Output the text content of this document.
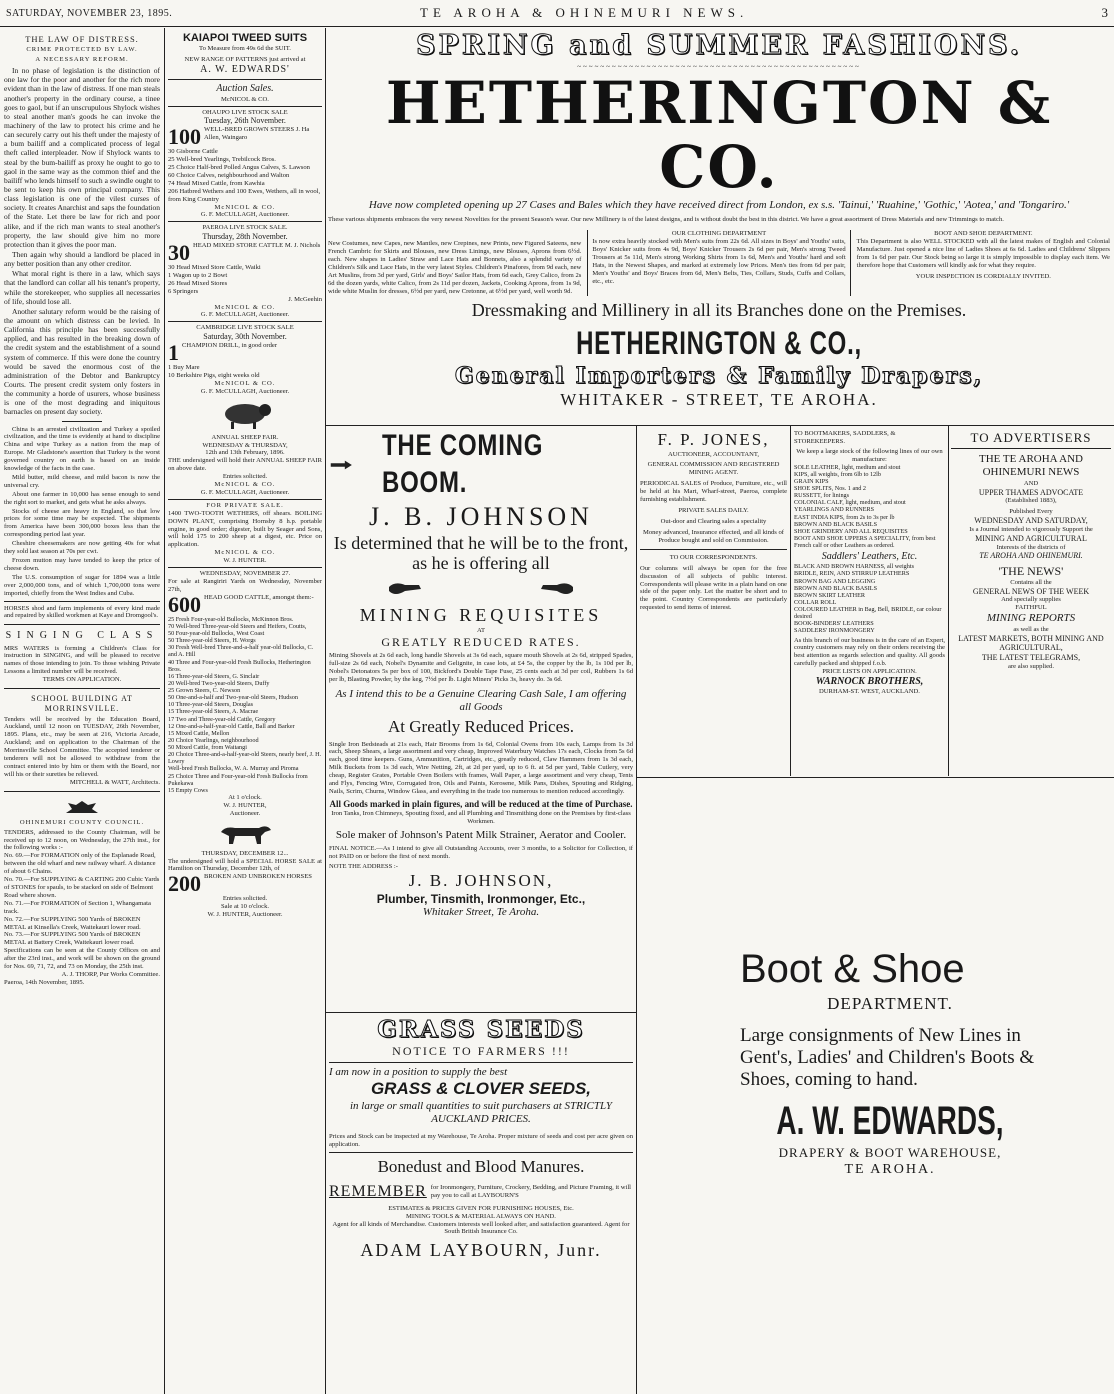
SATURDAY, NOVEMBER 23, 1895.	TE AROHA & OHINEMURI NEWS.	3
THE LAW OF DISTRESS.
CRIME PROTECTED BY LAW.
A NECESSARY REFORM.

In no phase of legislation is the distinction of one law for the poor and another for the rich more evident than in the law of distress. If one man steals another's property in the ordinary course, a tinee goes to gaol, but if an unscrupulous Shylock wishes to steal another man's goods he can invoke the machinery of the law to protect his crime and he can securely carry out his theft under the majesty of a bum bailiff and a complicated process of legal theft called interpleader. Now if Shylock wants to steal by the bum-bailiff as proxy he ought to go to gaol in the same way as the common thief and the bailiff who lends himself to such a swindle ought to be sent to keep his own principal company. This class legislation is one of the vilest curses of society. It creates Anarchist and saps the foundation of the State. Let there be law for rich and poor alike, and if the rich man wants to steal another's property, the law should give him no more protection than it gives the poor man.

Then again why should a landlord be placed in any better position than any other creditor.

What moral right is there in a law, which says that the landlord can collar all his tenant's property, while the storekeeper, who supplies all necessaries of life, should lose all.

Another salutary reform would be the raising of the amount on which distress can be levied. In California this principle has been successfully applied, and has resulted in the breaking down of the credit system and the establishment of a sound system of commerce. If this were done the country would be saved the enormous cost of the administration of the Debtor and Bankruptcy Courts. The present credit system only fosters in the community a horde of usurers, whose business is one of the most degrading and iniquitous barnacles on present day society.

China is an arrested civilization and Turkey a spoiled civilization, and the time is evidently at hand to discipline China and wipe Turkey as a nation from the map of Europe. Mr Gladstone's assertion that Turkey is the worst governed country on earth is based on an inside knowledge of the facts in the case.

Mild butter, mild cheese, and mild bacon is now the universal cry.

About one farmer in 10,000 has sense enough to send the right sort to market, and gets what he asks always.

Stocks of cheese are heavy in England, so that low prices for some time may be expected. The shipments from America have been 300,000 boxes less than the corresponding period last year.

Cheshire cheesemakers are now getting 40s for what they sold last season at 70s per cwt.

Frozen mutton may have tended to keep the price of cheese down.

The U.S. consumption of sugar for 1894 was a little over 2,000,000 tons, and of which 1,700,000 tons were imported, chiefly from the West Indies and Cuba.

HORSES shod and farm implements of every kind made and repaired by skilled workmen at Kaye and Dromgool's.
SINGING CLASS
MRS WATERS is forming a Children's Class for instruction in SINGING, and will be pleased to receive names of those intending to join. To those wishing Private Lessons a limited number will be received.
TERMS ON APPLICATION.
SCHOOL BUILDING AT MORRINSVILLE.
Tenders will be received by the Education Board, Auckland, until 12 noon on TUESDAY, 26th November, 1895. Plans, etc., may be seen at 216, Victoria Arcade, Auckland; and on application to the Chairman of the Morrinsville School Committee. The accepted tenderer or tenderers will not be allowed to withdraw from the contract entered into by him or them with the Board, nor will his or their sureties be relieved.
MITCHELL & WATT, Architects.
OHINEMURI COUNTY COUNCIL.
TENDERS, addressed to the County Chairman, will be received up to 12 noon, on Wednesday, the 27th inst., for the following works :-
No. 69.—For FORMATION only of the Esplanade Road, between the old wharf and new railway wharf. A distance of about 6 Chains.
No. 70.—For SUPPLYING & CARTING 200 Cubic Yards of STONES for spauls, to be stacked on side of Belmont Road where shown.
No. 71.—For FORMATION of Section 1, Whangamata track.
No. 72.—For SUPPLYING 500 Yards of BROKEN METAL at Kinsella's Creek, Waitekauri lower road.
No. 73.—For SUPPLYING 500 Yards of BROKEN METAL at Battery Creek, Waitekauri lower road.
Specifications can be seen at the County Offices on and after the 23rd inst., and work will be shown on the ground for Nos. 69, 71, 72, and 73 on Monday, the 25th inst.
A. J. THORP, Pur Works Committee.
Paeroa, 14th November, 1895.
KAIAPOI TWEED SUITS
To Measure from 49s 6d the SUIT.
NEW RANGE OF PATTERNS just arrived at
A. W. EDWARDS'
Auction Sales.
McNICOL & CO.
OHAUPO LIVE STOCK SALE
Tuesday, 26th November.
100 WELL-BRED GROWN STEERS J. Ha Allen, Waingaro
30 Gisborne Cattle
25 Well-bred Yearlings, Trebilcock Bros.
25 Choice Half-bred Polled Angus Calves, S. Lawson
60 Choice Calves, neighbourhood and Walton
74 Head Mixed Cattle, from Kawhia
206 Hatbred Wethers and 100 Ewes, Wethers, all in wool, from King Country
McNICOL & CO.
G. F. McCULLAGH, Auctioneer.
PAEROA LIVE STOCK SALE.
Thursday, 28th November.
30 HEAD MIXED STORE CATTLE M. J. Nichols
30 Head Mixed Store Cattle, Waiki
1 Wagon up to 2 Bowt
26 Head Mixed Stores
6 Springers
J. McGeehin
McNICOL & CO.
G. F. McCULLAGH, Auctioneer.
CAMBRIDGE LIVE STOCK SALE
Saturday, 30th November.
1 CHAMPION DRILL, in good order
1 Buy Mare
10 Berkshire Pigs, eight weeks old
McNICOL & CO.
G. F. McCULLAGH, Auctioneer.
ANNUAL SHEEP FAIR.
WEDNESDAY & THURSDAY,
12th and 13th February, 1896.
THE undersigned will hold their ANNUAL SHEEP FAIR on above date.
Entries solicited.
McNICOL & CO.
G. F. McCULLAGH, Auctioneer.
FOR PRIVATE SALE.
1400 TWO-TOOTH WETHERS, off shears. BOILING DOWN PLANT, comprising Hornsby 8 h.p. portable engine, in good order; digester, built by Seager and Sons, will hold 175 to 200 sheep at a digest, etc. Price on application.
McNICOL & CO.
W. J. HUNTER.
WEDNESDAY, NOVEMBER 27.
For sale at Rangiriri Yards on Wednesday, November 27th,
600 HEAD GOOD CATTLE, amongst them:-
25 Fresh Four-year-old Bullocks, McKinnon Bros.
70 Well-bred Three-year-old Steers and Heifers, Coutts,
50 Four-year-old Bullocks, West Coast
50 Three-year-old Steers, H. Worgs
30 Fresh Well-bred Three-and-a-half year-old Bullocks, C. and A. Hill
40 Three and Four-year-old Fresh Bullocks, Hetherington Bros.
16 Three-year-old Steers, G. Sinclair
20 Well-bred Two-year-old Steers, Duffy
25 Grown Steers, C. Newson
50 One-and-a-half and Two-year-old Steers, Hudson
10 Three-year-old Steers, Douglas
15 Three-year-old Steers, A. Macrae
17 Two and Three-year-old Cattle, Gregory
12 One-and-a-half-year-old Cattle, Ball and Barker
15 Mixed Cattle, Mellon
20 Choice Yearlings, neighbourhood
50 Mixed Cattle, from Waitangi
20 Choice Three-and-a-half-year-old Steers, nearly beef, J. H. Lowry
Well-bred Fresh Bullocks, W. A. Murray and Piroma
25 Choice Three and Four-year-old Fresh Bullocks from Pukekawa
15 Empty Cows
At 1 o'clock.
W. J. HUNTER,
Auctioneer.
THURSDAY, DECEMBER 12...
The undersigned will hold a SPECIAL HORSE SALE at Hamilton on Thursday, December 12th, of
200 BROKEN AND UNBROKEN HORSES
Entries solicited.
Sale at 10 o'clock.
W. J. HUNTER, Auctioneer.
SPRING and SUMMER FASHIONS.
~~~~~~~~~~~~~~~~~~~~~~~~~~~~~~~~~~~~~~~~~~~~~~~~~
HETHERINGTON & CO.
Have now completed opening up 27 Cases and Bales which they have received direct from London, ex s.s. 'Tainui,' 'Ruahine,' 'Gothic,' 'Aotea,' and 'Tongariro.'
These various shipments embraces the very newest Novelties for the present Season's wear. Our new Millinery is of the latest designs, and is without doubt the best in this district. We have a great assortment of Dress Materials and new Trimmings to match.
New Costumes, new Capes, new Mantles, new Crepines, new Prints, new Figured Sateens, new French Cambric for Skirts and Blouses, new Dress Linings, new Blouses, Aprons from 6½d. each. New shapes in Ladies' Straw and Lace Hats and Bonnets, also a splendid variety of Children's Silk and Lace Hats, in the very latest Styles. Children's Pinafores, from 9d each, new Art Muslins, from 3d per yard, Girls' and Boys' Sailor Hats, from 6d each, Grey Calico, from 2s 6d the dozen yards, white Calico, from 2s 11d per dozen, Jackets, Cooking Aprons, from 1s 9d, wide white Muslin for dresses, 6½d per yard, new Cretonne, at 6½d per yard, well worth 9d.
OUR CLOTHING DEPARTMENT
Is now extra heavily stocked with Men's suits from 22s 6d. All sizes in Boys' and Youths' suits, Boys' Knicker suits from 4s 9d, Boys' Knicker Trousers 2s 6d per pair, Men's strong Tweed Trousers at 5s 11d, Men's strong Working Shirts from 1s 6d, Men's and Youths' hard and soft Hats, in the Newest Shapes, and marked at extremely low Prices. Men's ties from 6d per pair, Men's Youths' and Boys' Braces from 6d, Men's Belts, Ties, Collars, Studs, Cuffs and Collars, etc., etc.
BOOT AND SHOE DEPARTMENT.
This Department is also WELL STOCKED with all the latest makes of English and Colonial Manufacture. Just opened a nice line of Ladies Shoes at 6s 6d. Ladies and Childrens' Slippers from 1s 6d per pair. Our Stock being so large it is simply impossible to display each item. We therefore hope that Customers will kindly ask for what they require.
YOUR INSPECTION IS CORDIALLY INVITED.
Dressmaking and Millinery in all its Branches done on the Premises.
HETHERINGTON & CO.,
General Importers & Family Drapers,
WHITAKER - STREET, TE AROHA.
THE COMING BOOM.
J. B. JOHNSON
Is determined that he will be to the front, as he is offering all
MINING REQUISITES
AT
GREATLY REDUCED RATES.
Mining Shovels at 2s 6d each, long handle Shovels at 3s 6d each, square mouth Shovels at 2s 6d, stripped Spades, full-size 2s 6d each, Nobel's Dynamite and Gelignite, in case lots, at £4 5s, the copper by the lb, 1s 10d per lb, Nobel's Detonators 5s per box of 100, Bickford's Double Tape Fuse, 25 cents each at 3d per coil, Rubbers 1s 6d per lb, Blasting Powder, by the keg, 7½d per lb. Light Miners' Picks 3s, heavy do. 3s 6d.
As I intend this to be a Genuine Clearing Cash Sale, I am offering all Goods
At Greatly Reduced Prices.
Single Iron Bedsteads at 21s each, Hair Brooms from 1s 6d, Colonial Ovens from 10s each, Lamps from 1s 3d each, Sheep Shears, a large assortment and very cheap, Improved Waterbury Watches 17s each, Clocks from 5s 6d each, good time keepers. Guns, Ammunition, Cartridges, etc., greatly reduced, Claw Hammers from 1s 3d each, Milk Buckets from 1s 3d each, Wire Netting, 2ft, at 2d per yard, up to 6 ft. at 5d per yard, Table Cutlery, very cheap, Register Grates, Portable Oven Boilers with frames, Wall Paper, a large assortment and very cheap, Tents and Flys, Fencing Wire, Corrugated Iron, Oils and Paints, Kerosene, Milk Pans, Dishes, Spouting and Ridging, Nails, Scrim, Churns, Window Glass, and everything in the trade too numerous to mention reduced accordingly.
All Goods marked in plain figures, and will be reduced at the time of Purchase.
Iron Tanks, Iron Chimneys, Spouting fixed, and all Plumbing and Tinsmithing done on the Premises by first-class Workmen.
Sole maker of Johnson's Patent Milk Strainer, Aerator and Cooler.
FINAL NOTICE.—As I intend to give all Outstanding Accounts, over 3 months, to a Solicitor for Collection, if not PAID on or before the first of next month.
NOTE THE ADDRESS :-
J. B. JOHNSON,
Plumber, Tinsmith, Ironmonger, Etc.,
Whitaker Street, Te Aroha.
GRASS SEEDS
NOTICE TO FARMERS !!!
I am now in a position to supply the best
GRASS & CLOVER SEEDS,
in large or small quantities to suit purchasers at STRICTLY AUCKLAND PRICES.
Prices and Stock can be inspected at my Warehouse, Te Aroha. Proper mixture of seeds and cost per acre given on application.
Bonedust and Blood Manures.
REMEMBER for Ironmongery, Furniture, Crockery, Bedding, and Picture Framing, it will pay you to call at LAYBOURN'S
ESTIMATES & PRICES GIVEN FOR FURNISHING HOUSES, Etc.
MINING TOOLS & MATERIAL ALWAYS ON HAND.
Agent for all kinds of Merchandise. Customers interests well looked after, and satisfaction guaranteed. Agent for South British Insurance Co.
ADAM LAYBOURN, Junr.
F. P. JONES,
AUCTIONEER, ACCOUNTANT,
GENERAL COMMISSION AND REGISTERED MINING AGENT.
PERIODICAL SALES of Produce, Furniture, etc., will be held at his Mart, Wharf-street, Paeroa, complete furnishing establishment.
PRIVATE SALES DAILY.
Out-door and Clearing sales a speciality
Money advanced, Insurance effected, and all kinds of Produce bought and sold on Commission.
TO OUR CORRESPONDENTS.
Our columns will always be open for the free discussion of all subjects of public interest. Correspondents will please write in a plain hand on one side of the paper only. Let the matter be short and to the point. Country Correspondents are particularly requested to send items of interest.
TO BOOTMAKERS, SADDLERS, & STOREKEEPERS.
We keep a large stock of the following lines of our own manufacture:
SOLE LEATHER, light, medium and stout
KIPS, all weights, from 6lb to 12lb
GRAIN KIPS
SHOE SPLITS, Nos. 1 and 2
RUSSETT, for linings
COLONIAL CALF, light, medium, and stout
YEARLINGS AND RUNNERS
EAST INDIA KIPS, from 2s to 3s per lb
BROWN AND BLACK BASILS
SHOE GRINDERY AND ALL REQUISITES
BOOT AND SHOE UPPERS A SPECIALITY, from best French calf or other Leathers as ordered.
Saddlers' Leathers, Etc.
BLACK AND BROWN HARNESS, all weights
BRIDLE, REIN, AND STIRRUP LEATHERS
BROWN BAG AND LEGGING
BROWN AND BLACK BASILS
BROWN SKIRT LEATHER
COLLAR ROLL
COLOURED LEATHER in Bag, Bell, BRIDLE, car colour desired
BOOK-BINDERS' LEATHERS
SADDLERS' IRONMONGERY
As this branch of our business is in the care of an Expert, country customers may rely on their orders receiving the best attention as regards selection and quality. All goods carefully packed and shipped f.o.b.
PRICE LISTS ON APPLICATION.
WARNOCK BROTHERS,
DURHAM-ST. WEST, AUCKLAND.
TO ADVERTISERS
THE TE AROHA AND OHINEMURI NEWS
AND
UPPER THAMES ADVOCATE
(Established 1883),
Published Every
WEDNESDAY AND SATURDAY,
Is a Journal intended to vigorously Support the
MINING AND AGRICULTURAL
Interests of the districts of
TE AROHA AND OHINEMURI.
'THE NEWS'
Contains all the
GENERAL NEWS OF THE WEEK
And specially supplies
FAITHFUL
MINING REPORTS
as well as the
LATEST MARKETS, BOTH MINING AND AGRICULTURAL,
THE LATEST TELEGRAMS,
are also supplied.
Boot & Shoe
DEPARTMENT.
Large consignments of New Lines in Gent's, Ladies' and Children's Boots & Shoes, coming to hand.
A. W. EDWARDS,
DRAPERY & BOOT WAREHOUSE,
TE AROHA.
